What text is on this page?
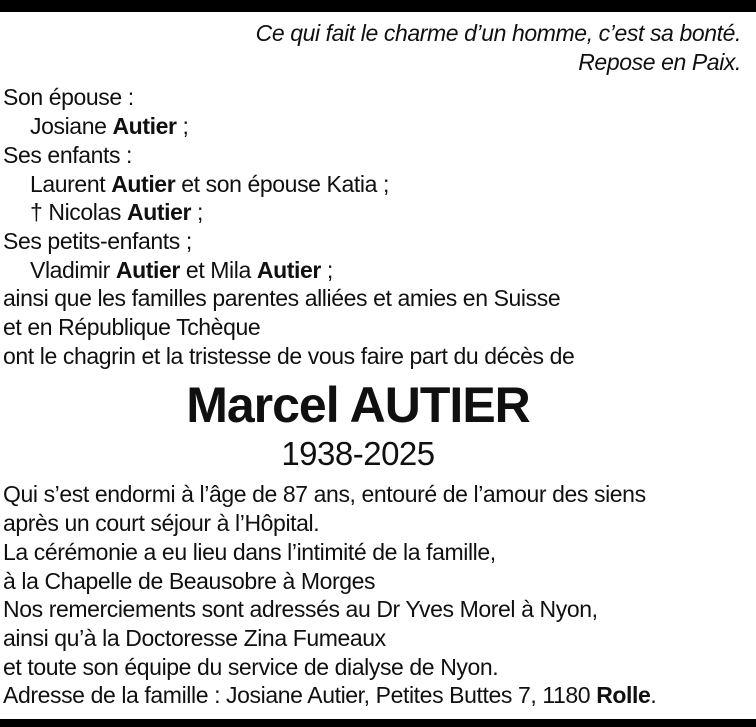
Ce qui fait le charme d’un homme, c’est sa bonté.
Repose en Paix.
Son épouse :
Josiane Autier ;
Ses enfants :
Laurent Autier et son épouse Katia ;
† Nicolas Autier ;
Ses petits-enfants ;
Vladimir Autier et Mila Autier ;
ainsi que les familles parentes alliées et amies en Suisse
et en République Tchèque
ont le chagrin et la tristesse de vous faire part du décès de
Marcel AUTIER
1938-2025
Qui s’est endormi à l’âge de 87 ans, entouré de l’amour des siens
après un court séjour à l’Hôpital.
La cérémonie a eu lieu dans l’intimité de la famille,
à la Chapelle de Beausobre à Morges
Nos remerciements sont adressés au Dr Yves Morel à Nyon,
ainsi qu’à la Doctoresse Zina Fumeaux
et toute son équipe du service de dialyse de Nyon.
Adresse de la famille : Josiane Autier, Petites Buttes 7, 1180 Rolle.
